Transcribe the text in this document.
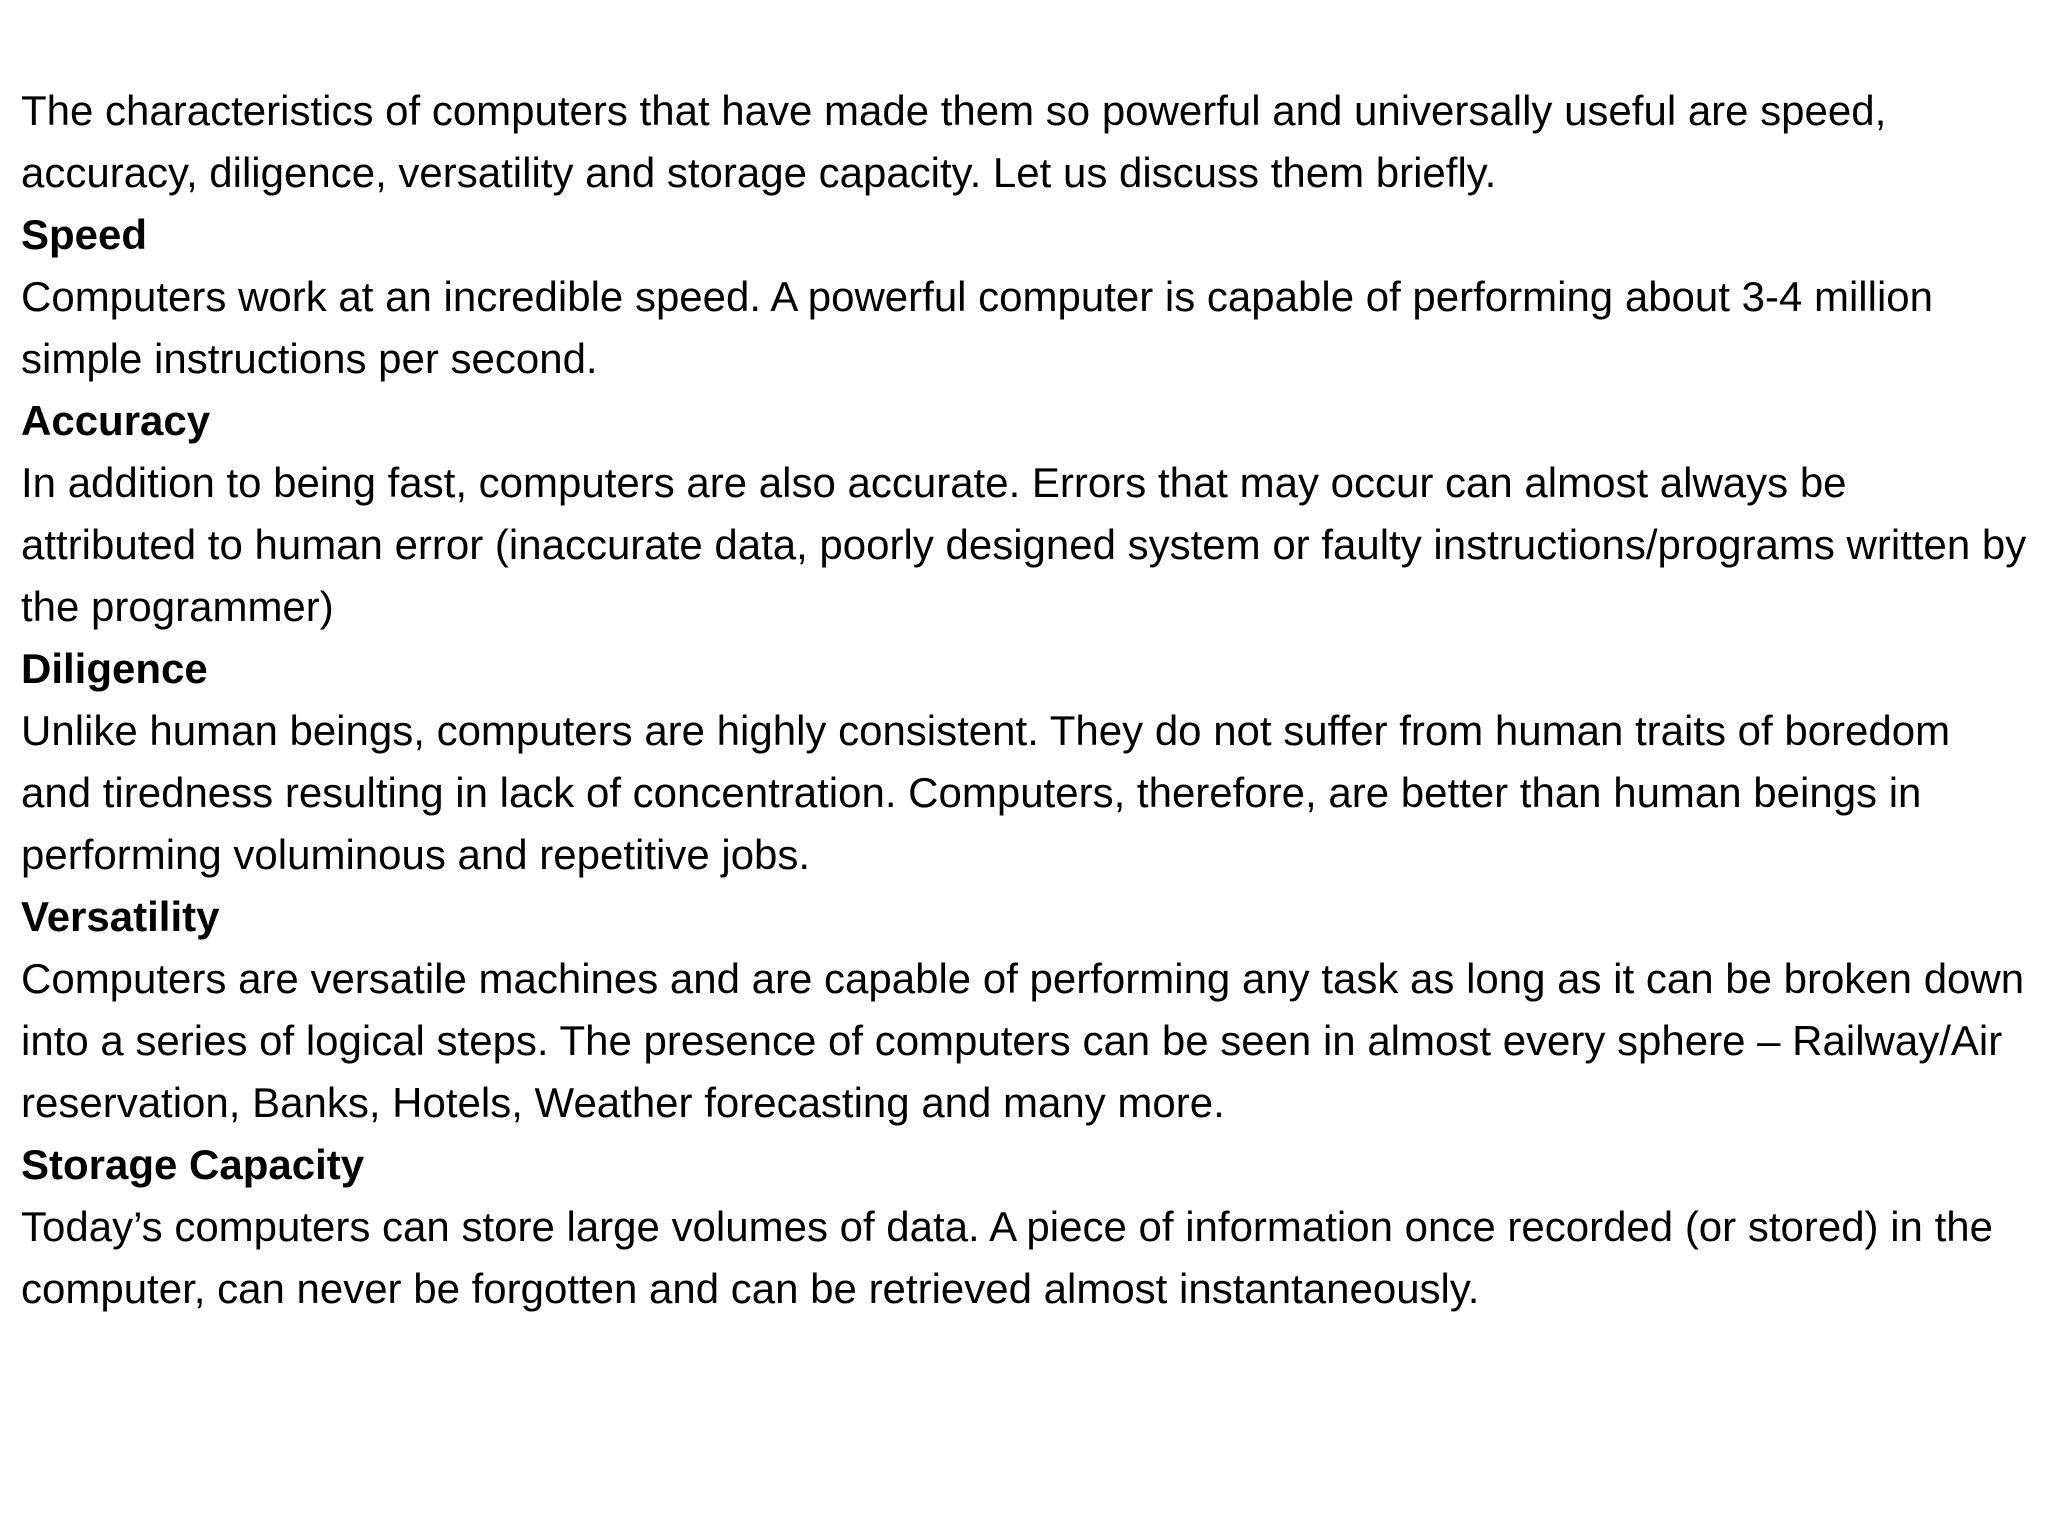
The characteristics of computers that have made them so powerful and universally useful are speed, accuracy, diligence, versatility and storage capacity. Let us discuss them briefly.

Speed

Computers work at an incredible speed. A powerful computer is capable of performing about 3-4 million simple instructions per second.

Accuracy

In addition to being fast, computers are also accurate. Errors that may occur can almost always be attributed to human error (inaccurate data, poorly designed system or faulty instructions/programs written by the programmer)

Diligence

Unlike human beings, computers are highly consistent. They do not suffer from human traits of boredom and tiredness resulting in lack of concentration. Computers, therefore, are better than human beings in performing voluminous and repetitive jobs.

Versatility

Computers are versatile machines and are capable of performing any task as long as it can be broken down into a series of logical steps. The presence of computers can be seen in almost every sphere – Railway/Air reservation, Banks, Hotels, Weather forecasting and many more.

Storage Capacity

Today’s computers can store large volumes of data. A piece of information once recorded (or stored) in the computer, can never be forgotten and can be retrieved almost instantaneously.
